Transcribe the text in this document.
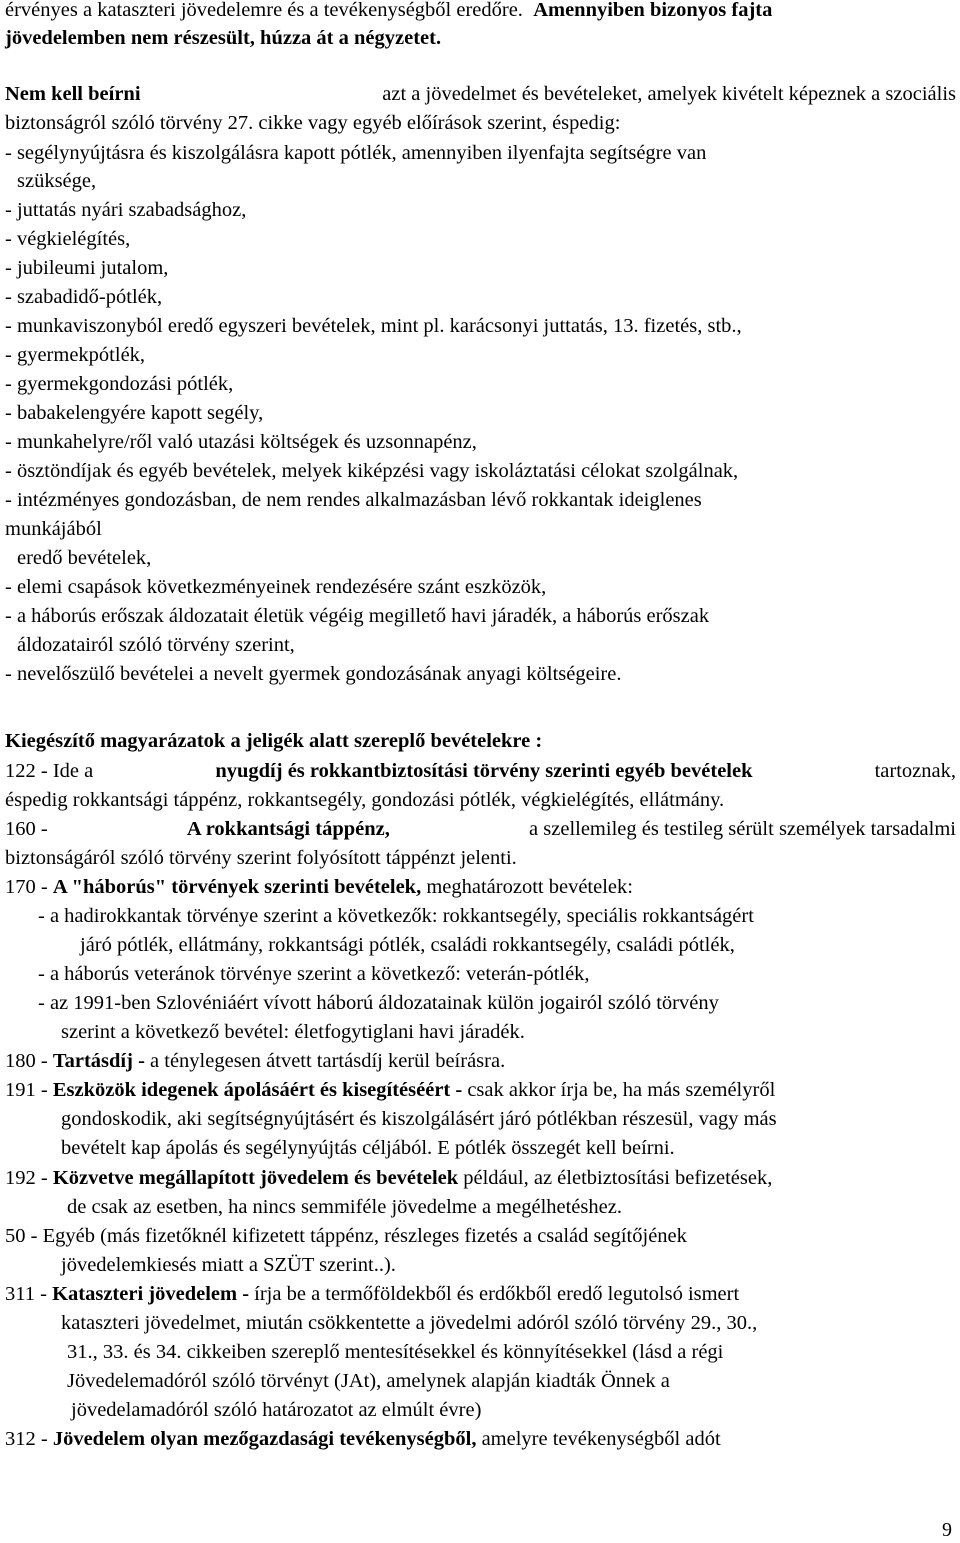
érvényes a kataszteri jövedelemre és a tevékenységből eredőre. Amennyiben bizonyos fajta
jövedelemben nem részesült, húzza át a négyzetet.
Nem kell beírni	azt a jövedelmet és bevételeket, amelyek kivételt képeznek a szociális
biztonságról szóló törvény 27. cikke vagy egyéb előírások szerint, éspedig:
- segélynyújtásra és kiszolgálásra kapott pótlék, amennyiben ilyenfajta segítségre van
szüksége,
- juttatás nyári szabadsághoz,
- végkielégítés,
- jubileumi jutalom,
- szabadidő-pótlék,
- munkaviszonyból eredő egyszeri bevételek, mint pl. karácsonyi juttatás, 13. fizetés, stb.,
- gyermekpótlék,
- gyermekgondozási pótlék,
- babakelengyére kapott segély,
- munkahelyre/ről való utazási költségek és uzsonnapénz,
- ösztöndíjak és egyéb bevételek, melyek kiképzési vagy iskoláztatási célokat szolgálnak,
- intézményes gondozásban, de nem rendes alkalmazásban lévő rokkantak ideiglenes
munkájából
eredő bevételek,
- elemi csapások következményeinek rendezésére szánt eszközök,
- a háborús erőszak áldozatait életük végéig megillető havi járadék, a háborús erőszak
áldozatairól szóló törvény szerint,
- nevelőszülő bevételei a nevelt gyermek gondozásának anyagi költségeire.
Kiegészítő magyarázatok a jeligék alatt szereplő bevételekre :
122 - Ide a	nyugdíj és rokkantbiztosítási törvény szerinti egyéb bevételek	tartoznak,
éspedig rokkantsági táppénz, rokkantsegély, gondozási pótlék, végkielégítés, ellátmány.
160 -	A rokkantsági táppénz,	a szellemileg és testileg sérült személyek tarsadalmi
biztonságáról szóló törvény szerint folyósított táppénzt jelenti.
170 - A "háborús" törvények szerinti bevételek, meghatározott bevételek:
- a hadirokkantak törvénye szerint a következők: rokkantsegély, speciális rokkantságért
járó pótlék, ellátmány, rokkantsági pótlék, családi rokkantsegély, családi pótlék,
- a háborús veteránok törvénye szerint a következő: veterán-pótlék,
- az 1991-ben Szlovéniáért vívott háború áldozatainak külön jogairól szóló törvény
szerint a következő bevétel: életfogytiglani havi járadék.
180 - Tartásdíj - a ténylegesen átvett tartásdíj kerül beírásra.
191 - Eszközök idegenek ápolásáért és kisegítéséért - csak akkor írja be, ha más személyről
gondoskodik, aki segítségnyújtásért és kiszolgálásért járó pótlékban részesül, vagy más
bevételt kap ápolás és segélynyújtás céljából. E pótlék összegét kell beírni.
192 - Közvetve megállapított jövedelem és bevételek például, az életbiztosítási befizetések,
de csak az esetben, ha nincs semmiféle jövedelme a megélhetéshez.
50 - Egyéb (más fizetőknél kifizetett táppénz, részleges fizetés a család segítőjének
jövedelemkiesés miatt a SZÜT szerint..).
311 - Kataszteri jövedelem - írja be a termőföldekből és erdőkből eredő legutolsó ismert
kataszteri jövedelmet, miután csökkentette a jövedelmi adóról szóló törvény 29., 30.,
31., 33. és 34. cikkeiben szereplő mentesítésekkel és könnyítésekkel (lásd a régi
Jövedelemadóról szóló törvényt (JAt), amelynek alapján kiadták Önnek a
jövedelamadóról szóló határozatot az elmúlt évre)
312 - Jövedelem olyan mezőgazdasági tevékenységből, amelyre tevékenységből adót
9
